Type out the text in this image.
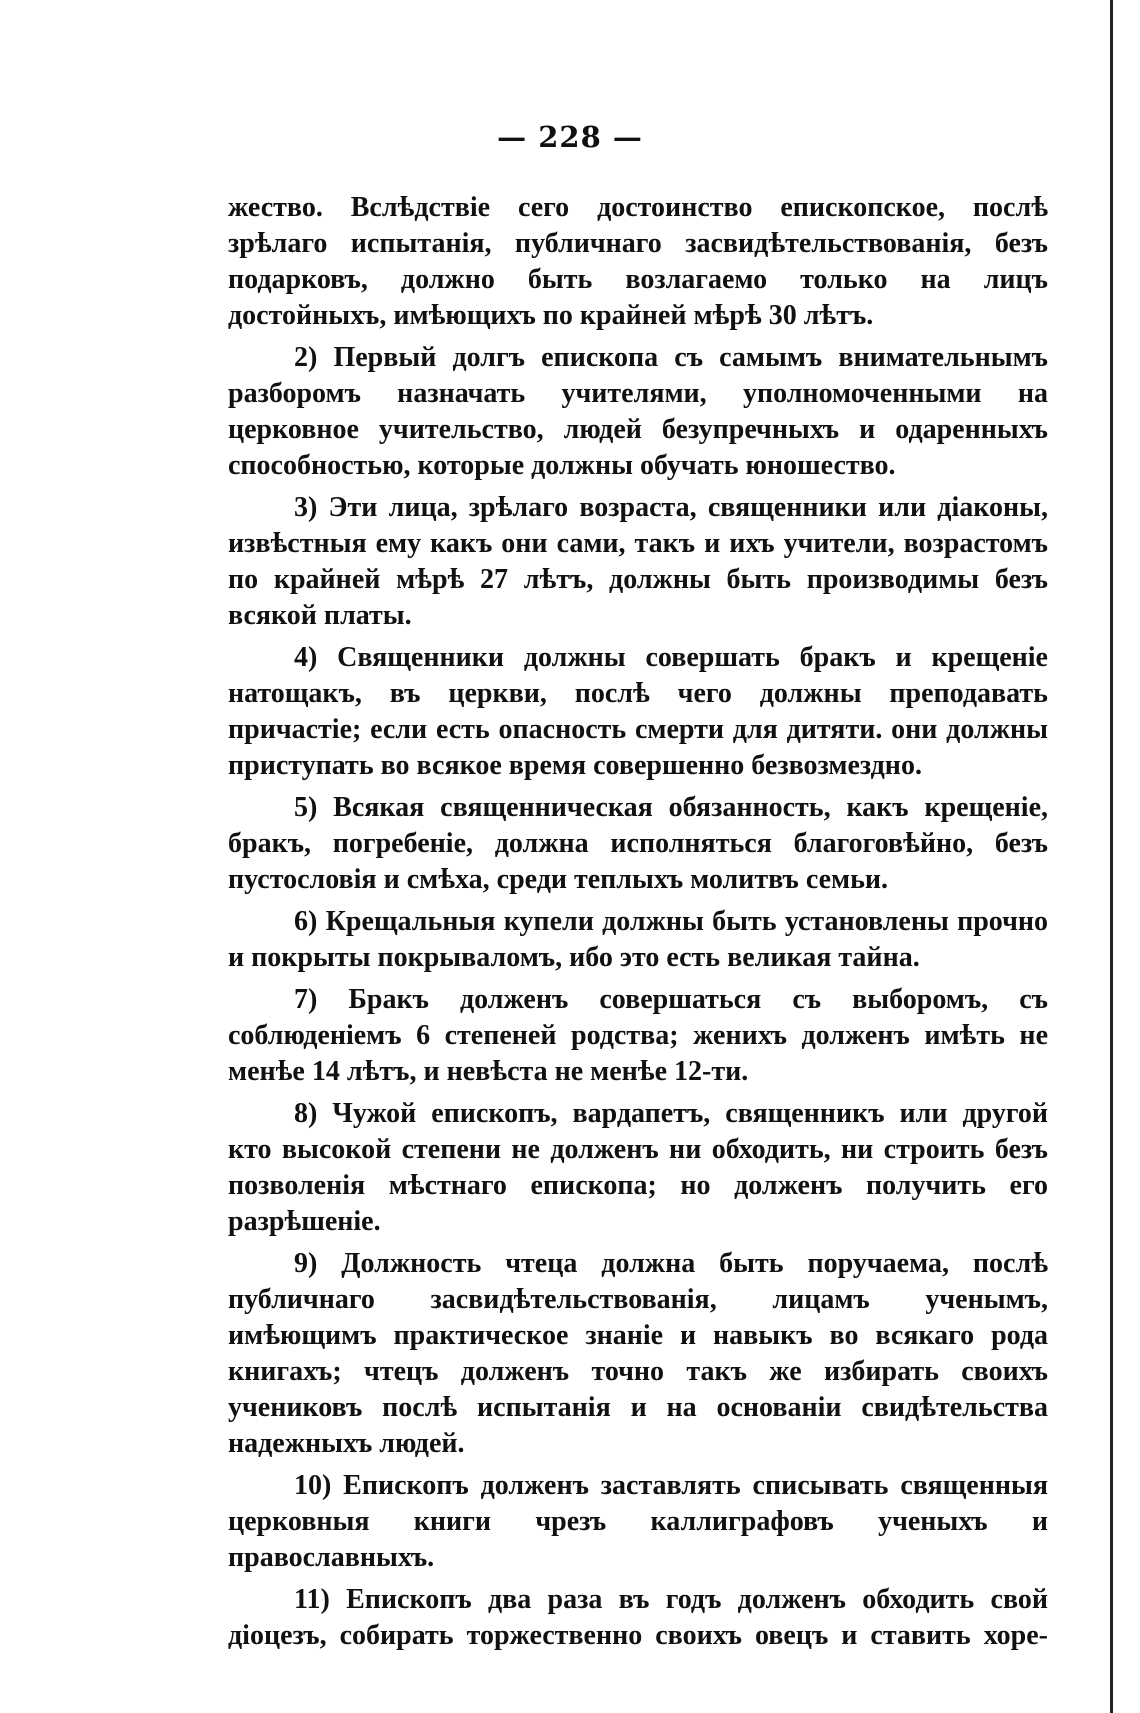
— 228 —

жество. Вслѣдствіе сего достоинство епископское, послѣ зрѣлаго испытанія, публичнаго засвидѣтельствованія, безъ подарковъ, должно быть возлагаемо только на лицъ достойныхъ, имѣющихъ по крайней мѣрѣ 30 лѣтъ.

2) Первый долгъ епископа съ самымъ внимательнымъ разборомъ назначать учителями, уполномоченными на церковное учительство, людей безупречныхъ и одаренныхъ способностью, которые должны обучать юношество.

3) Эти лица, зрѣлаго возраста, священники или діаконы, извѣстныя ему какъ они сами, такъ и ихъ учители, возрастомъ по крайней мѣрѣ 27 лѣтъ, должны быть производимы безъ всякой платы.

4) Священники должны совершать бракъ и крещеніе натощакъ, въ церкви, послѣ чего должны преподавать причастіе; если есть опасность смерти для дитяти. они должны приступать во всякое время совершенно безвозмездно.

5) Всякая священническая обязанность, какъ крещеніе, бракъ, погребеніе, должна исполняться благоговѣйно, безъ пустословія и смѣха, среди теплыхъ молитвъ семьи.

6) Крещальныя купели должны быть установлены прочно и покрыты покрываломъ, ибо это есть великая тайна.

7) Бракъ долженъ совершаться съ выборомъ, съ соблюденіемъ 6 степеней родства; женихъ долженъ имѣть не менѣе 14 лѣтъ, и невѣста не менѣе 12-ти.

8) Чужой епископъ, вардапетъ, священникъ или другой кто высокой степени не долженъ ни обходить, ни строить безъ позволенія мѣстнаго епископа; но долженъ получить его разрѣшеніе.

9) Должность чтеца должна быть поручаема, послѣ публичнаго засвидѣтельствованія, лицамъ ученымъ, имѣющимъ практическое знаніе и навыкъ во всякаго рода книгахъ; чтецъ долженъ точно такъ же избирать своихъ учениковъ послѣ испытанія и на основаніи свидѣтельства надежныхъ людей.

10) Епископъ долженъ заставлять списывать священныя церковныя книги чрезъ каллиграфовъ ученыхъ и православныхъ.

11) Епископъ два раза въ годъ долженъ обходить свой діоцезъ, собирать торжественно своихъ овецъ и ставить хоре-
